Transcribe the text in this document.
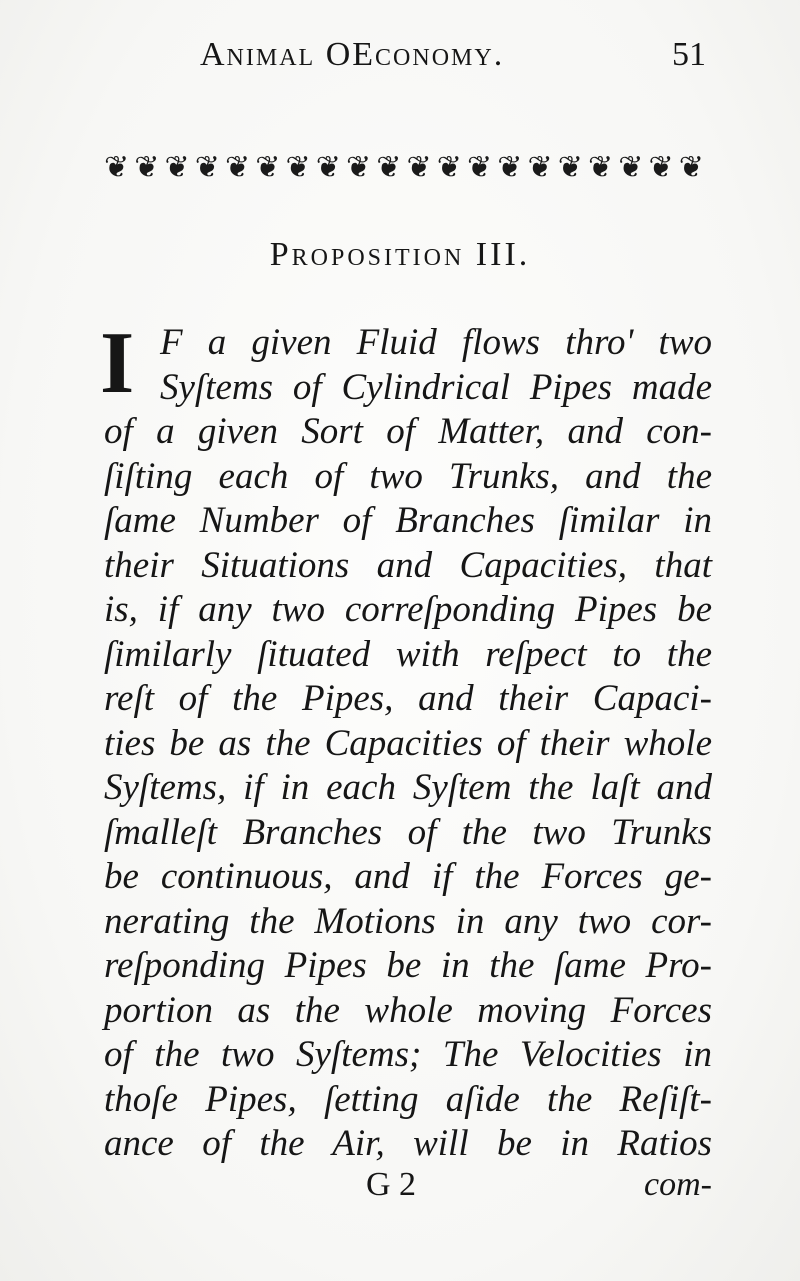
Animal OEconomy.	51
❦ ❦ ❦ ❦ ❦ ❦ ❦ ❦ ❦ ❦ ❦ ❦ ❦ ❦ ❦ ❦ ❦ ❦ ❦ ❦
Proposition III.
I F a given Fluid flows thro' two
Syſtems of Cylindrical Pipes made
of a given Sort of Matter, and con-
ſiſting each of two Trunks, and the
ſame Number of Branches ſimilar in
their Situations and Capacities, that
is, if any two correſponding Pipes be
ſimilarly ſituated with reſpect to the
reſt of the Pipes, and their Capaci-
ties be as the Capacities of their whole
Syſtems, if in each Syſtem the laſt and
ſmalleſt Branches of the two Trunks
be continuous, and if the Forces ge-
nerating the Motions in any two cor-
reſponding Pipes be in the ſame Pro-
portion as the whole moving Forces
of the two Syſtems; The Velocities in
thoſe Pipes, ſetting aſide the Reſiſt-
ance of the Air, will be in Ratios
G 2	com-
